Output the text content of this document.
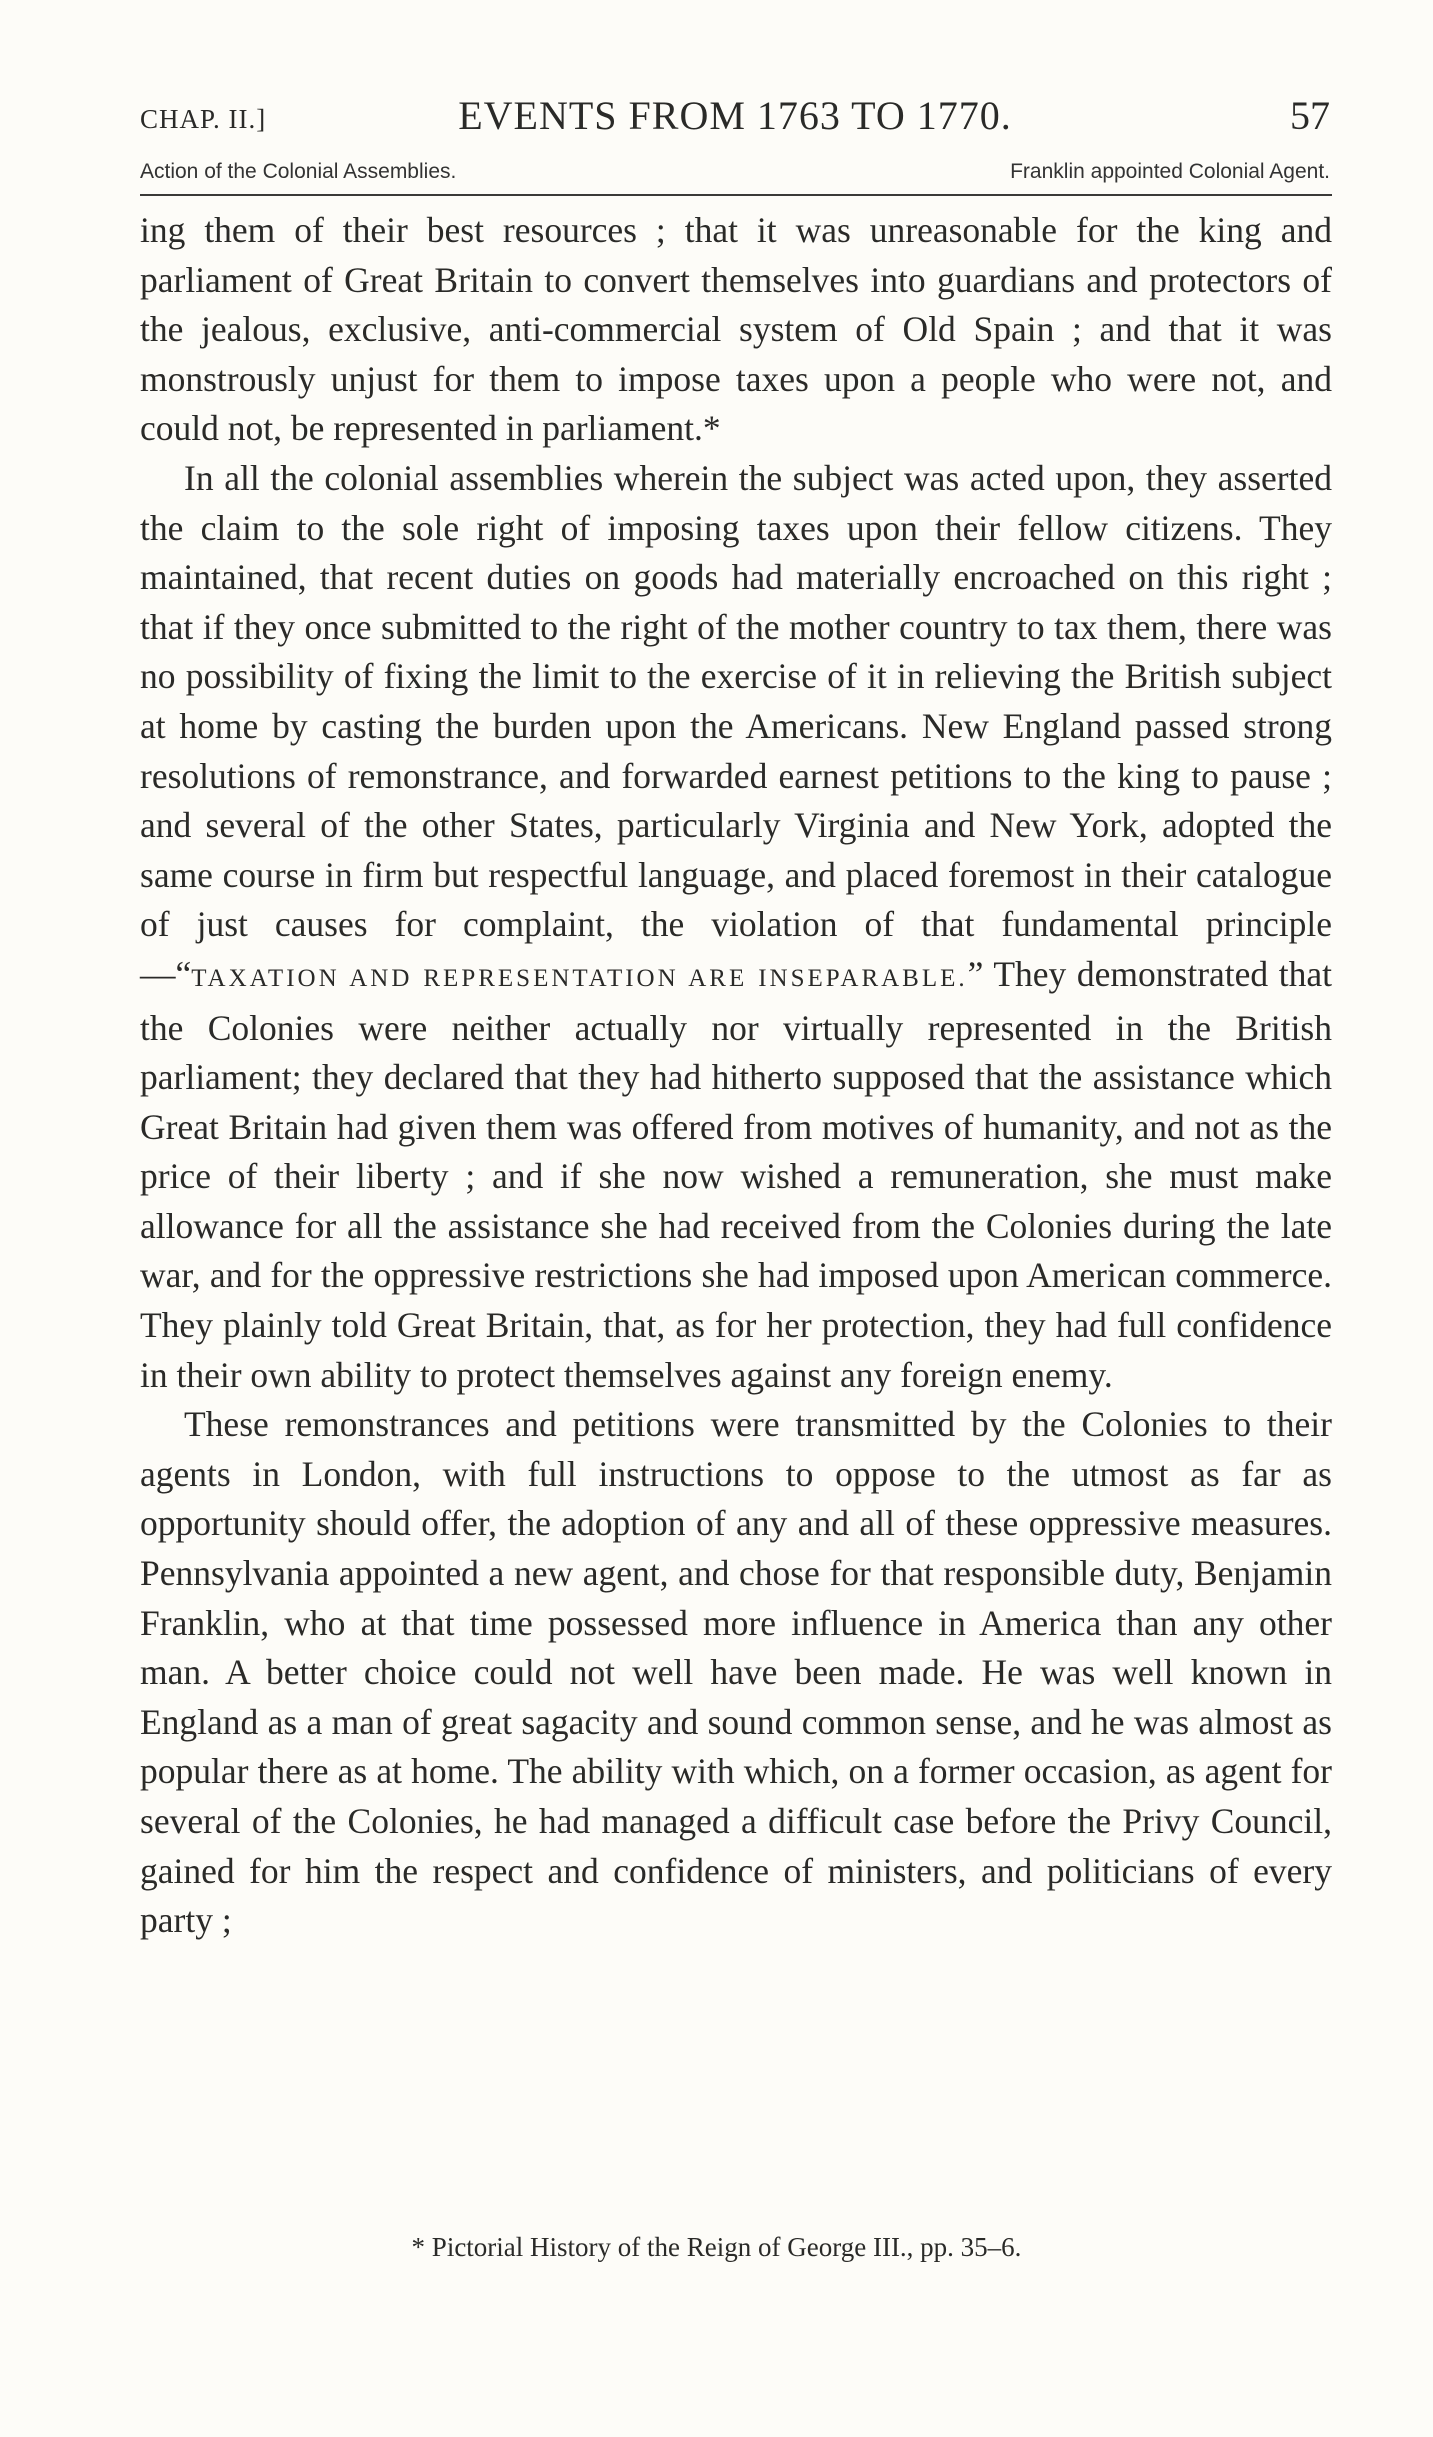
CHAP. II.]	EVENTS FROM 1763 TO 1770.	57
Action of the Colonial Assemblies.	Franklin appointed Colonial Agent.

ing them of their best resources ; that it was unreasonable for the king and parliament of Great Britain to convert themselves into guardians and protectors of the jealous, exclusive, anti-commercial system of Old Spain ; and that it was monstrously unjust for them to impose taxes upon a people who were not, and could not, be represented in parliament.*

In all the colonial assemblies wherein the subject was acted upon, they asserted the claim to the sole right of imposing taxes upon their fellow citizens. They maintained, that recent duties on goods had materially encroached on this right ; that if they once submitted to the right of the mother country to tax them, there was no possibility of fixing the limit to the exercise of it in relieving the British subject at home by casting the burden upon the Americans. New England passed strong resolutions of remonstrance, and forwarded earnest petitions to the king to pause ; and several of the other States, particularly Virginia and New York, adopted the same course in firm but respectful language, and placed foremost in their catalogue of just causes for complaint, the violation of that fundamental principle —“TAXATION AND REPRESENTATION ARE INSEPARABLE.” They demonstrated that the Colonies were neither actually nor virtually represented in the British parliament; they declared that they had hitherto supposed that the assistance which Great Britain had given them was offered from motives of humanity, and not as the price of their liberty ; and if she now wished a remuneration, she must make allowance for all the assistance she had received from the Colonies during the late war, and for the oppressive restrictions she had imposed upon American commerce. They plainly told Great Britain, that, as for her protection, they had full confidence in their own ability to protect themselves against any foreign enemy.

These remonstrances and petitions were transmitted by the Colonies to their agents in London, with full instructions to oppose to the utmost as far as opportunity should offer, the adoption of any and all of these oppressive measures. Pennsylvania appointed a new agent, and chose for that responsible duty, Benjamin Franklin, who at that time possessed more influence in America than any other man. A better choice could not well have been made. He was well known in England as a man of great sagacity and sound common sense, and he was almost as popular there as at home. The ability with which, on a former occasion, as agent for several of the Colonies, he had managed a difficult case before the Privy Council, gained for him the respect and confidence of ministers, and politicians of every party ;

* Pictorial History of the Reign of George III., pp. 35–6.
